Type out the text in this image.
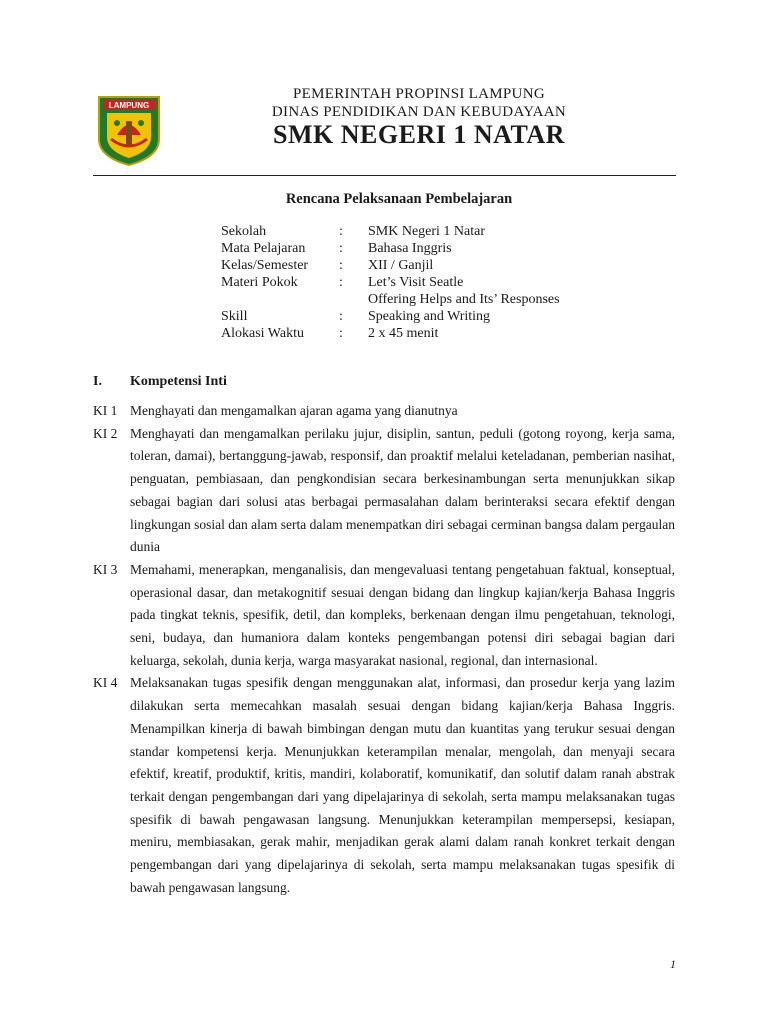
LAMPUNG
PEMERINTAH PROPINSI LAMPUNG
DINAS PENDIDIKAN DAN KEBUDAYAAN
SMK NEGERI 1 NATAR
Rencana Pelaksanaan Pembelajaran
Sekolah	: SMK Negeri 1 Natar
Mata Pelajaran : Bahasa Inggris
Kelas/Semester : XII / Ganjil
Materi Pokok	: Let’s Visit Seatle
Offering Helps and Its’ Responses
Skill	: Speaking and Writing
Alokasi Waktu	: 2 x 45 menit
I. Kompetensi Inti
KI 1 Menghayati dan mengamalkan ajaran agama yang dianutnya
KI 2 Menghayati dan mengamalkan perilaku jujur, disiplin, santun, peduli (gotong royong, kerja sama, toleran, damai), bertanggung-jawab, responsif, dan proaktif melalui keteladanan, pemberian nasihat, penguatan, pembiasaan, dan pengkondisian secara berkesinambungan serta menunjukkan sikap sebagai bagian dari solusi atas berbagai permasalahan dalam berinteraksi secara efektif dengan lingkungan sosial dan alam serta dalam menempatkan diri sebagai cerminan bangsa dalam pergaulan dunia
KI 3 Memahami, menerapkan, menganalisis, dan mengevaluasi tentang pengetahuan faktual, konseptual, operasional dasar, dan metakognitif sesuai dengan bidang dan lingkup kajian/kerja Bahasa Inggris pada tingkat teknis, spesifik, detil, dan kompleks, berkenaan dengan ilmu pengetahuan, teknologi, seni, budaya, dan humaniora dalam konteks pengembangan potensi diri sebagai bagian dari keluarga, sekolah, dunia kerja, warga masyarakat nasional, regional, dan internasional.
KI 4 Melaksanakan tugas spesifik dengan menggunakan alat, informasi, dan prosedur kerja yang lazim dilakukan serta memecahkan masalah sesuai dengan bidang kajian/kerja Bahasa Inggris. Menampilkan kinerja di bawah bimbingan dengan mutu dan kuantitas yang terukur sesuai dengan standar kompetensi kerja. Menunjukkan keterampilan menalar, mengolah, dan menyaji secara efektif, kreatif, produktif, kritis, mandiri, kolaboratif, komunikatif, dan solutif dalam ranah abstrak terkait dengan pengembangan dari yang dipelajarinya di sekolah, serta mampu melaksanakan tugas spesifik di bawah pengawasan langsung. Menunjukkan keterampilan mempersepsi, kesiapan, meniru, membiasakan, gerak mahir, menjadikan gerak alami dalam ranah konkret terkait dengan pengembangan dari yang dipelajarinya di sekolah, serta mampu melaksanakan tugas spesifik di bawah pengawasan langsung.
1
